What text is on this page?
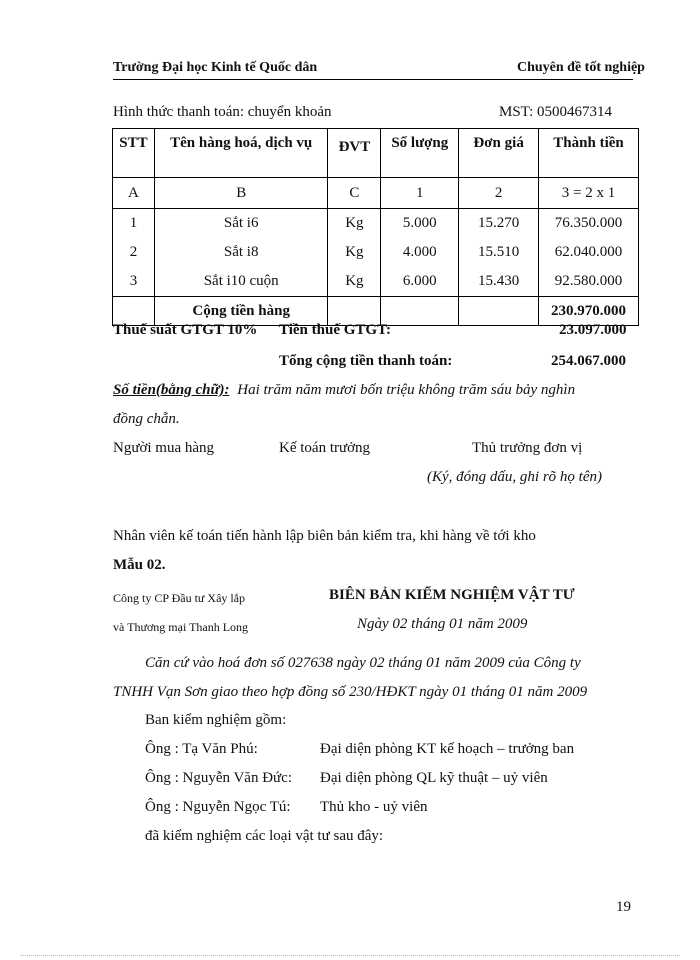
Trường Đại học Kinh tế Quốc dân	Chuyên đề tốt nghiệp
Hình thức thanh toán: chuyển khoản	MST: 0500467314
STT	Tên hàng hoá, dịch vụ	ĐVT	Số lượng	Đơn giá	Thành tiền
A	B	C	1	2	3 = 2 x 1
1	Sắt i6	Kg	5.000	15.270	76.350.000
2	Sắt i8	Kg	4.000	15.510	62.040.000
3	Sắt i10 cuộn	Kg	6.000	15.430	92.580.000
	Cộng tiền hàng				230.970.000
Thuế suất GTGT 10% Tiền thuế GTGT:	23.097.000
Tổng cộng tiền thanh toán:	254.067.000
Số tiền(bằng chữ): Hai trăm năm mươi bốn triệu không trăm sáu bảy nghìn
đồng chẵn.
Người mua hàng	Kế toán trưởng	Thủ trưởng đơn vị
(Ký, đóng dấu, ghi rõ họ tên)
Nhân viên kế toán tiến hành lập biên bản kiểm tra, khi hàng về tới kho
Mẫu 02.
Công ty CP Đầu tư Xây lắp
và Thương mại Thanh Long
BIÊN BẢN KIỂM NGHIỆM VẬT TƯ
Ngày 02 tháng 01 năm 2009
Căn cứ vào hoá đơn số 027638 ngày 02 tháng 01 năm 2009 của Công ty
TNHH Vạn Sơn giao theo hợp đồng số 230/HĐKT ngày 01 tháng 01 năm 2009
Ban kiểm nghiệm gồm:
Ông : Tạ Văn Phú:	Đại diện phòng KT kế hoạch – trưởng ban
Ông : Nguyễn Văn Đức: Đại diện phòng QL kỹ thuật – uỷ viên
Ông : Nguyễn Ngọc Tú: Thủ kho - uỷ viên
đã kiểm nghiệm các loại vật tư sau đây:
19
